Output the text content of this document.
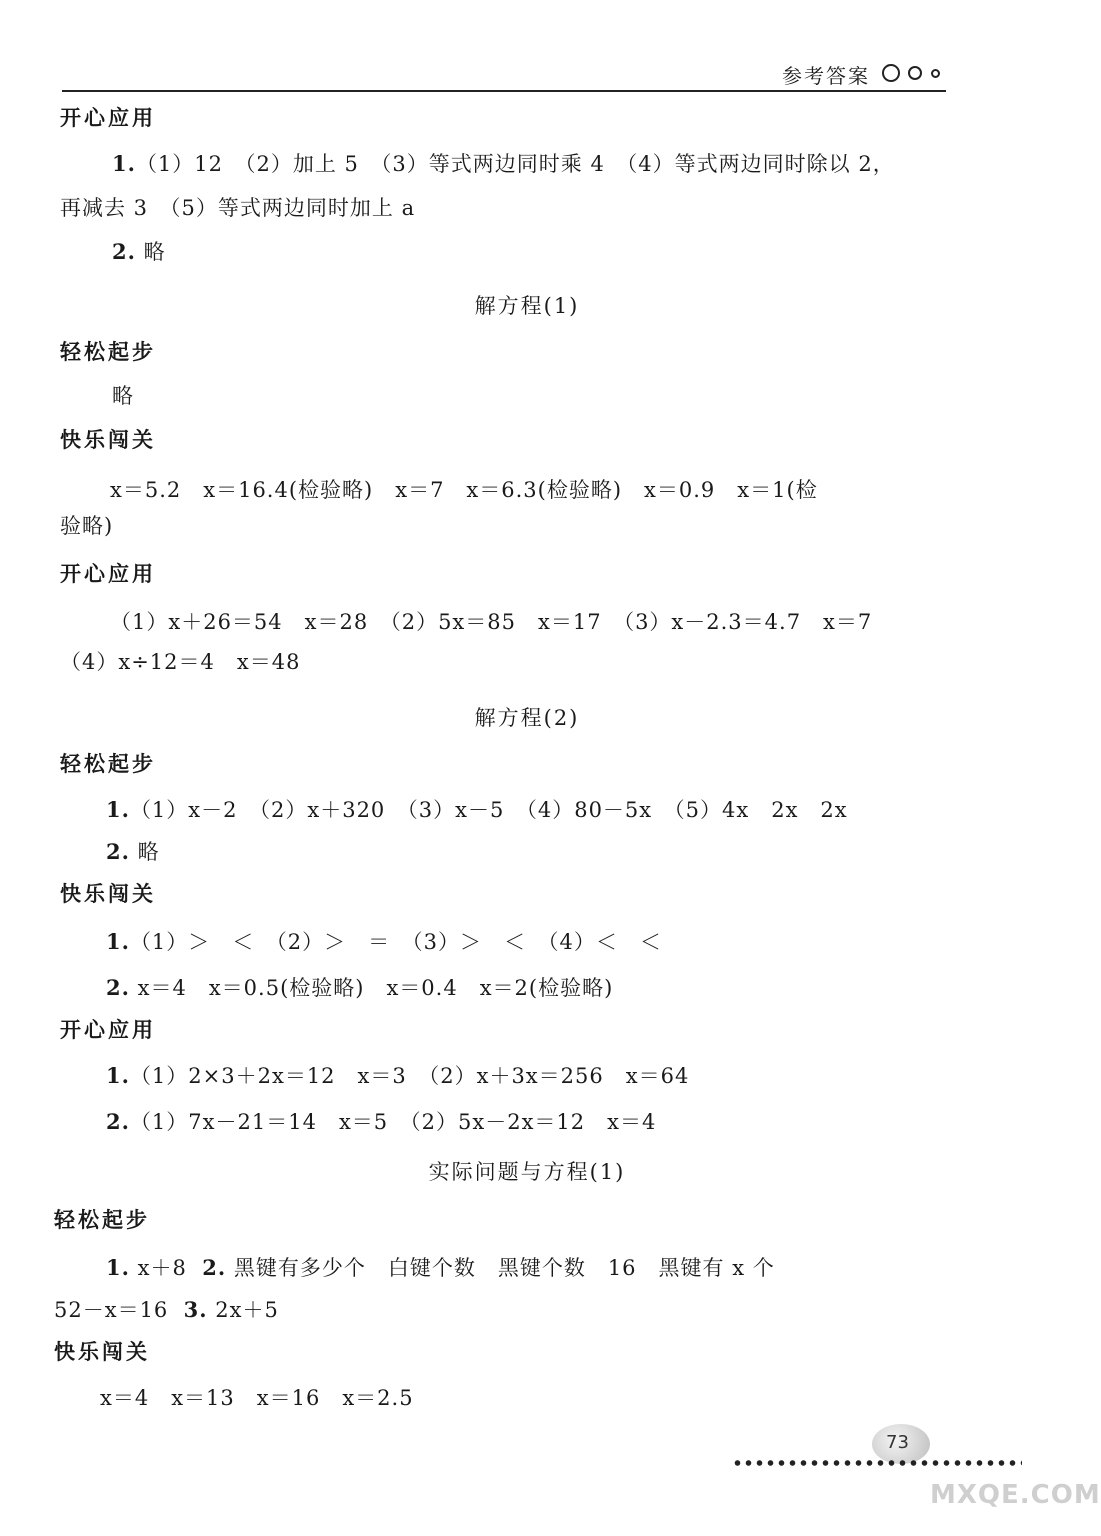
参考答案
开心应用
1.（1）12　（2）加上 5　（3）等式两边同时乘 4　（4）等式两边同时除以 2，
再减去 3　（5）等式两边同时加上 a
2. 略
解方程(1)
轻松起步
略
快乐闯关
x＝5.2　x＝16.4(检验略)　x＝7　x＝6.3(检验略)　x＝0.9　x＝1(检
验略)
开心应用
（1）x＋26＝54　x＝28　（2）5x＝85　x＝17　（3）x－2.3＝4.7　x＝7
（4）x÷12＝4　x＝48
解方程(2)
轻松起步
1.（1）x－2　（2）x＋320　（3）x－5　（4）80－5x　（5）4x　2x　2x
2. 略
快乐闯关
1.（1）＞　＜　（2）＞　＝　（3）＞　＜　（4）＜　＜
2. x＝4　x＝0.5(检验略)　x＝0.4　x＝2(检验略)
开心应用
1.（1）2×3＋2x＝12　x＝3　（2）x＋3x＝256　x＝64
2.（1）7x－21＝14　x＝5　（2）5x－2x＝12　x＝4
实际问题与方程(1)
轻松起步
1. x＋8 2. 黑键有多少个　白键个数　黑键个数　16　黑键有 x 个
52－x＝16 3. 2x＋5
快乐闯关
x＝4　x＝13　x＝16　x＝2.5
73
MXQE.COM
